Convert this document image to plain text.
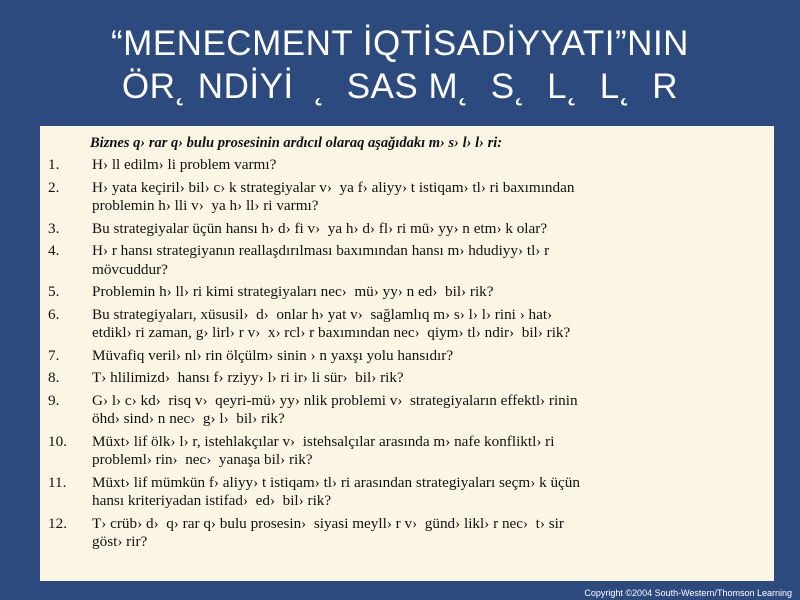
“MENECMENT İQTİSADİYYATI”NIN
ÖR˛ NDİYİ  ˛  SAS M˛  S˛  L˛  L˛  R
Biznes q› rar q› bulu prosesinin ardıcıl olaraq aşağıdakı m› s› l› l› ri:
1.	H› ll edilm› li problem varmı?
2.	H› yata keçiril› bil› c› k strategiyalar v›  ya f› aliyy› t istiqam› tl› ri baxımından
problemin h› lli v›  ya h› ll› ri varmı?
3.	Bu strategiyalar üçün hansı h› d› fi v›  ya h› d› fl› ri mü› yy› n etm› k olar?
4.	H› r hansı strategiyanın reallaşdırılması baxımından hansı m› hdudiyy› tl› r
mövcuddur?
5.	Problemin h› ll› ri kimi strategiyaları nec›  mü› yy› n ed›  bil› rik?
6.	Bu strategiyaları, xüsusil›  d›  onlar h› yat v›  sağlamlıq m› s› l› l› rini › hat›
etdikl› ri zaman, g› lirl› r v›  x› rcl› r baxımından nec›  qiym› tl› ndir›  bil› rik?
7.	Müvafiq veril› nl› rin ölçülm› sinin › n yaxşı yolu hansıdır?
8.	T› hlilimizd›  hansı f› rziyy› l› ri ir› li sür›  bil› rik?
9.	G› l› c› kd›  risq v›  qeyri-mü› yy› nlik problemi v›  strategiyaların effektl› rinin
öhd› sind› n nec›  g› l›  bil› rik?
10.	Müxt› lif ölk› l› r, istehlakçılar v›  istehsalçılar arasında m› nafe konfliktl› ri
probleml› rin›  nec›  yanaşa bil› rik?
11.	Müxt› lif mümkün f› aliyy› t istiqam› tl› ri arasından strategiyaları seçm› k üçün
hansı kriteriyadan istifad›  ed›  bil› rik?
12.	T› crüb› d›  q› rar q› bulu prosesin›  siyasi meyll› r v›  günd› likl› r nec›  t› sir
göst› rir?
Copyright ©2004 South-Western/Thomson Learning
